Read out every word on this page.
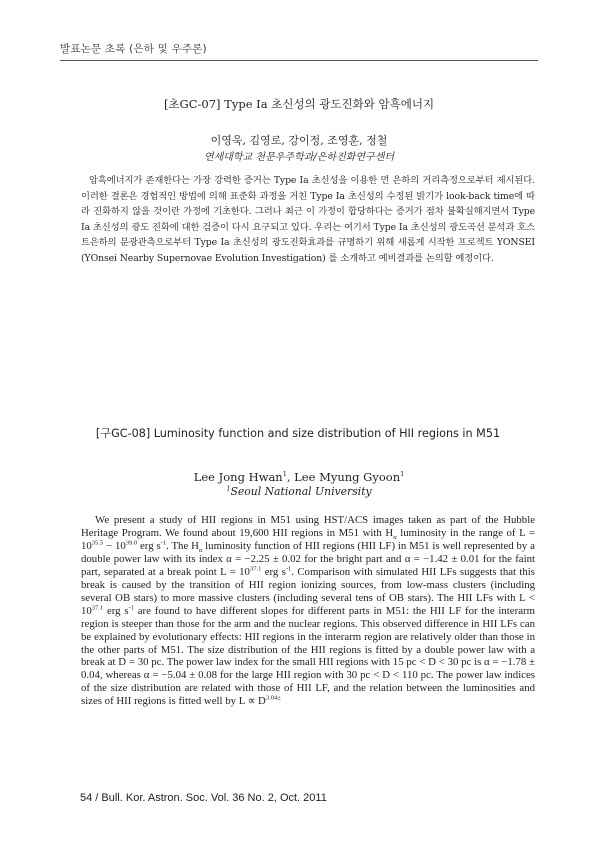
발표논문 초록 (은하 및 우주론)
[초GC-07] Type Ia 초신성의 광도진화와 암흑에너지
이영욱, 김영로, 강이정, 조영훈, 정철
연세대학교 천문우주학과/은하진화연구센터

암흑에너지가 존재한다는 가장 강력한 증거는 Type Ia 초신성을 이용한 먼 은하의 거리측정으로부터 제시된다. 이러한 결론은 경험적인 방법에 의해 표준화 과정을 거친 Type Ia 초신성의 수정된 밝기가 look-back time에 따라 진화하지 않을 것이란 가정에 기초한다. 그러나 최근 이 가정이 합당하다는 증거가 점차 불확실해지면서 Type Ia 초신성의 광도 진화에 대한 검증이 다시 요구되고 있다. 우리는 여기서 Type Ia 초신성의 광도곡선 분석과 호스트은하의 분광관측으로부터 Type Ia 초신성의 광도진화효과를 규명하기 위해 새롭게 시작한 프로젝트 YONSEI (YOnsei Nearby Supernovae Evolution Investigation) 를 소개하고 예비결과를 논의할 예정이다.

[구GC-08] Luminosity function and size distribution of HII regions in M51
Lee Jong Hwan$^1$, Lee Myung Gyoon$^1$
$^1$Seoul National University

We present a study of HII regions in M51 using HST/ACS images taken as part of the Hubble Heritage Program. We found about 19,600 HII regions in M51 with $H_\alpha$ luminosity in the range of $L = 10^{35.5} - 10^{39.0}$ erg $s^{-1}$. The $H_\alpha$ luminosity function of HII regions (HII LF) in M51 is well represented by a double power law with its index α = −2.25 ± 0.02 for the bright part and α = −1.42 ± 0.01 for the faint part, separated at a break point $L = 10^{37.1}$ erg $s^{-1}$. Comparison with simulated HII LFs suggests that this break is caused by the transition of HII region ionizing sources, from low-mass clusters (including several OB stars) to more massive clusters (including several tens of OB stars). The HII LFs with $L < 10^{37.1}$ erg $s^{-1}$ are found to have different slopes for different parts in M51: the HII LF for the interarm region is steeper than those for the arm and the nuclear regions. This observed difference in HII LFs can be explained by evolutionary effects: HII regions in the interarm region are relatively older than those in the other parts of M51. The size distribution of the HII regions is fitted by a double power law with a break at D = 30 pc. The power law index for the small HII regions with 15 pc < D < 30 pc is α = −1.78 ± 0.04, whereas α = −5.04 ± 0.08 for the large HII region with 30 pc < D < 110 pc. The power law indices of the size distribution are related with those of HII LF, and the relation between the luminosities and sizes of HII regions is fitted well by $L \propto D^{3.04\pm}$

54 / Bull. Kor. Astron. Soc. Vol. 36 No. 2, Oct. 2011
